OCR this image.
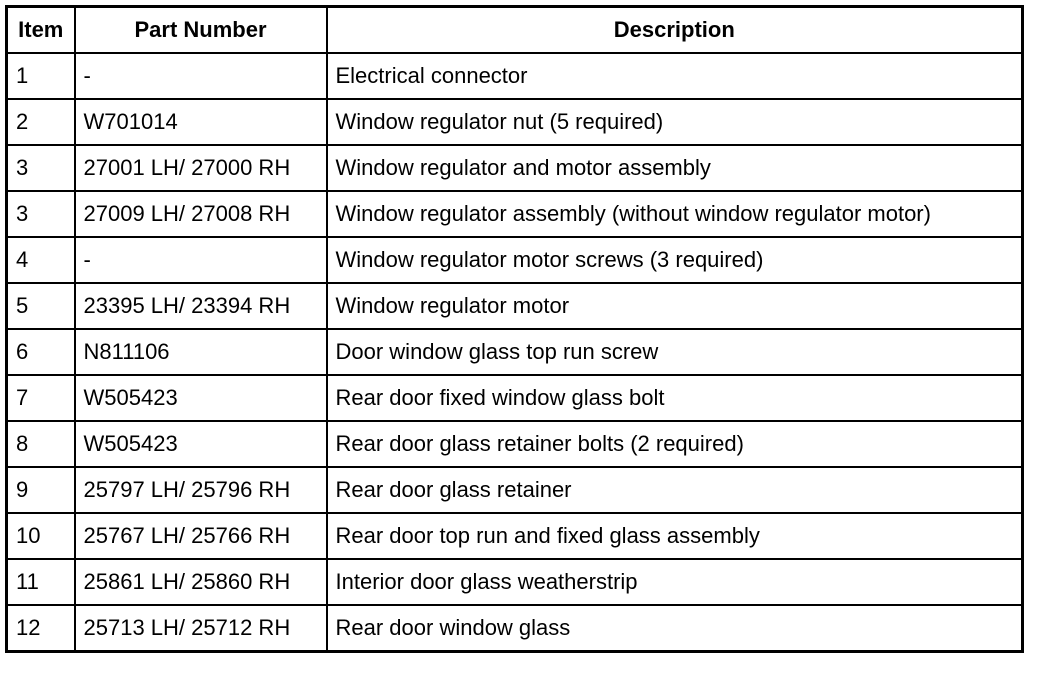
Item	Part Number	Description
1	-	Electrical connector
2	W701014	Window regulator nut (5 required)
3	27001 LH/ 27000 RH	Window regulator and motor assembly
3	27009 LH/ 27008 RH	Window regulator assembly (without window regulator motor)
4	-	Window regulator motor screws (3 required)
5	23395 LH/ 23394 RH	Window regulator motor
6	N811106	Door window glass top run screw
7	W505423	Rear door fixed window glass bolt
8	W505423	Rear door glass retainer bolts (2 required)
9	25797 LH/ 25796 RH	Rear door glass retainer
10	25767 LH/ 25766 RH	Rear door top run and fixed glass assembly
11	25861 LH/ 25860 RH	Interior door glass weatherstrip
12	25713 LH/ 25712 RH	Rear door window glass
